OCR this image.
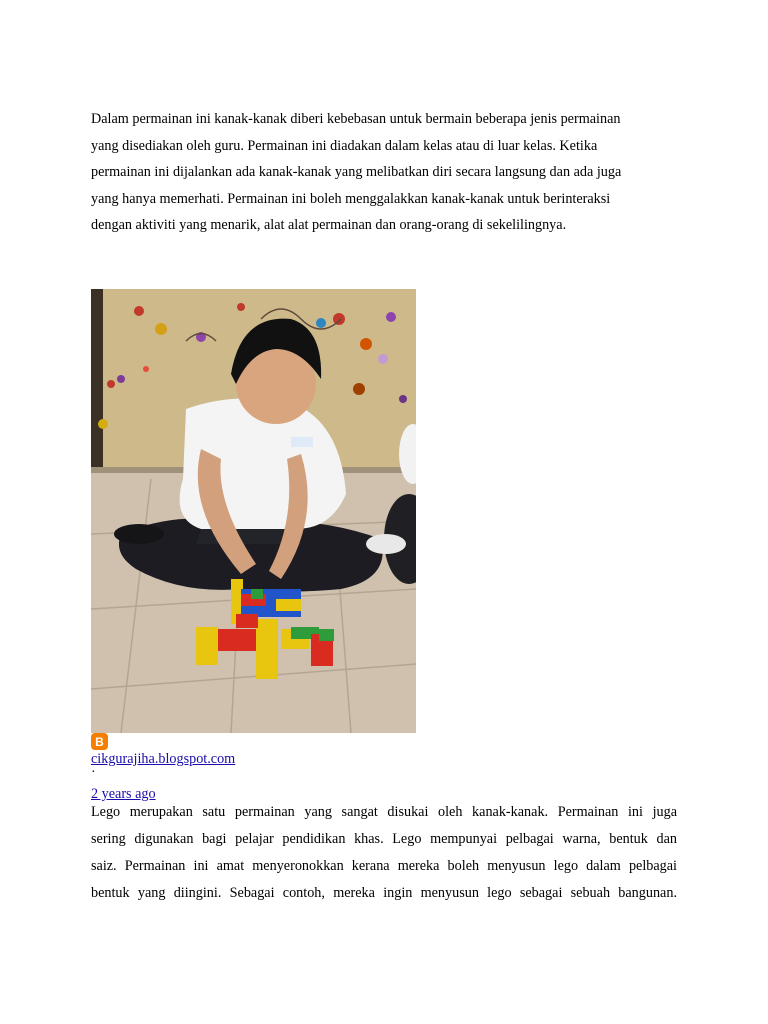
Dalam permainan ini kanak-kanak diberi kebebasan untuk bermain beberapa jenis permainan

yang disediakan oleh guru. Permainan ini diadakan dalam kelas atau di luar kelas. Ketika

permainan ini dijalankan ada kanak-kanak yang melibatkan diri secara langsung dan ada juga

yang hanya memerhati. Permainan ini boleh menggalakkan kanak-kanak untuk berinteraksi

dengan aktiviti yang menarik, alat alat permainan dan orang-orang di sekelilingnya.

B
cikgurajiha.blogspot.com
·
2 years ago

Lego merupakan satu permainan yang sangat disukai oleh kanak-kanak. Permainan ini juga

sering digunakan bagi pelajar pendidikan khas. Lego mempunyai pelbagai warna, bentuk dan

saiz. Permainan ini amat menyeronokkan kerana mereka boleh menyusun lego dalam pelbagai

bentuk yang diingini. Sebagai contoh, mereka ingin menyusun lego sebagai sebuah bangunan.
